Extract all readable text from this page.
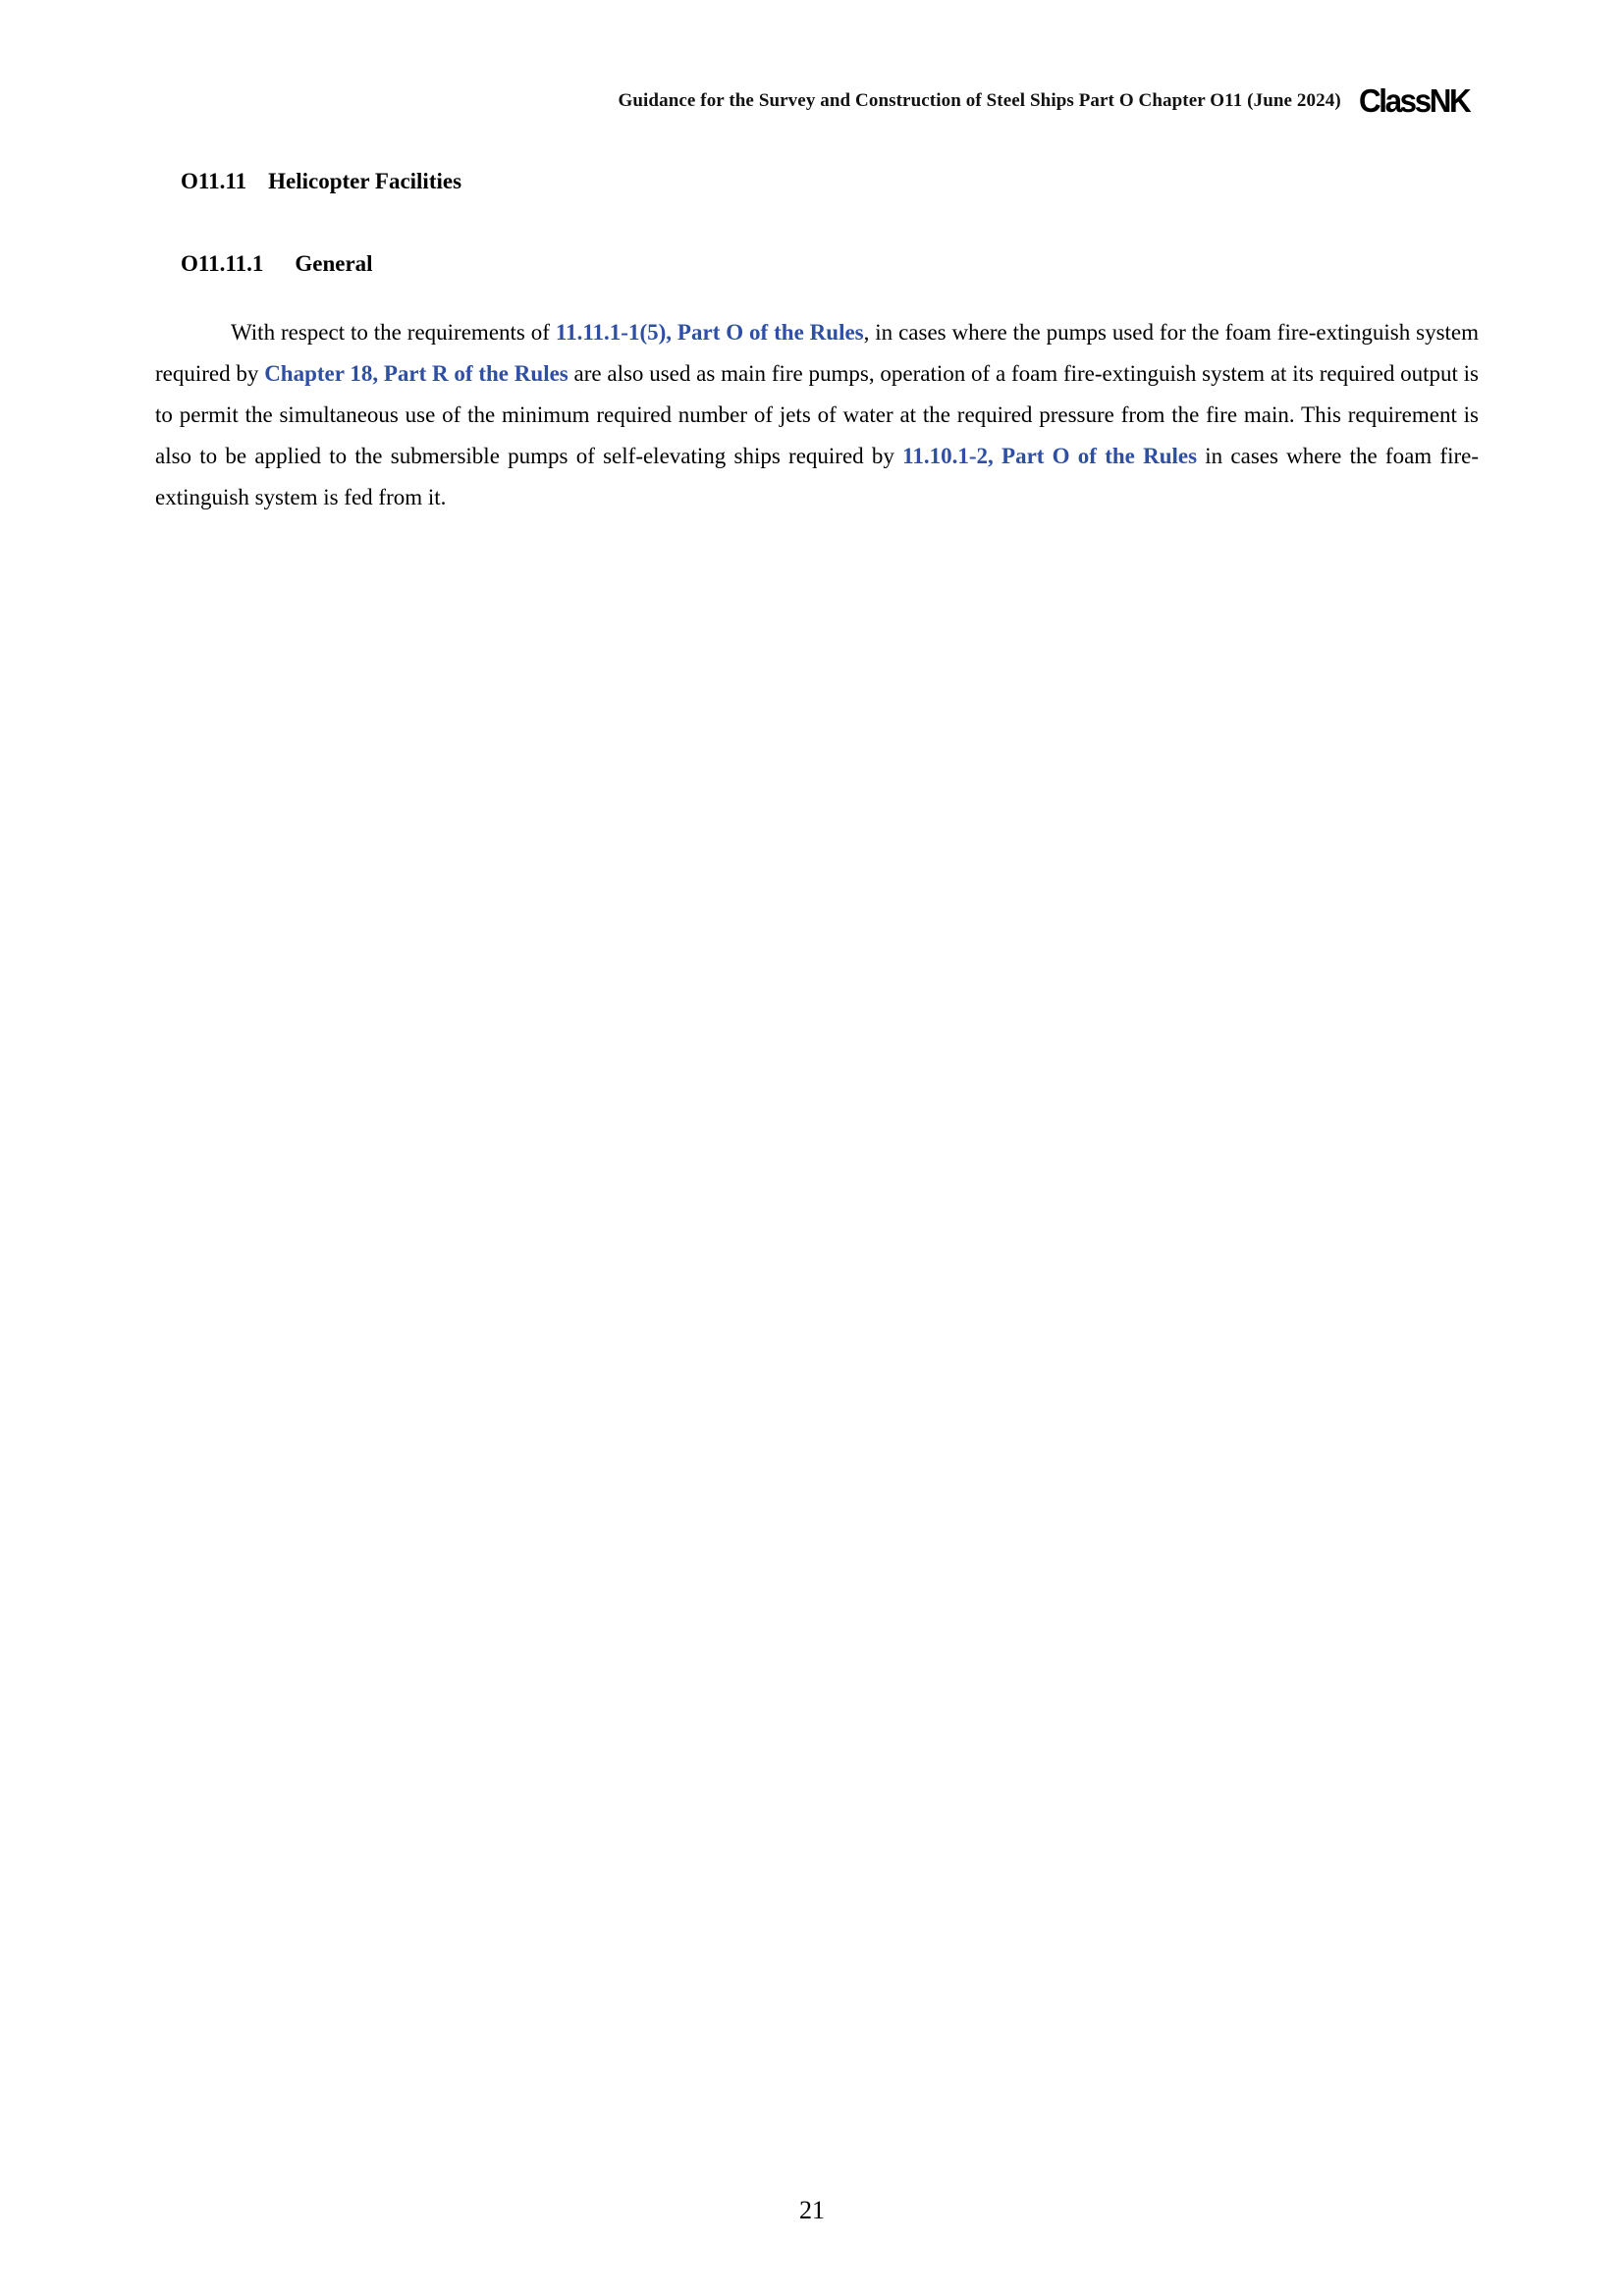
Guidance for the Survey and Construction of Steel Ships Part O Chapter O11 (June 2024) ClassNK
O11.11 Helicopter Facilities
O11.11.1 General

With respect to the requirements of 11.11.1-1(5), Part O of the Rules, in cases where the pumps used for the foam fire-extinguish system required by Chapter 18, Part R of the Rules are also used as main fire pumps, operation of a foam fire-extinguish system at its required output is to permit the simultaneous use of the minimum required number of jets of water at the required pressure from the fire main. This requirement is also to be applied to the submersible pumps of self-elevating ships required by 11.10.1-2, Part O of the Rules in cases where the foam fire-extinguish system is fed from it.

21
